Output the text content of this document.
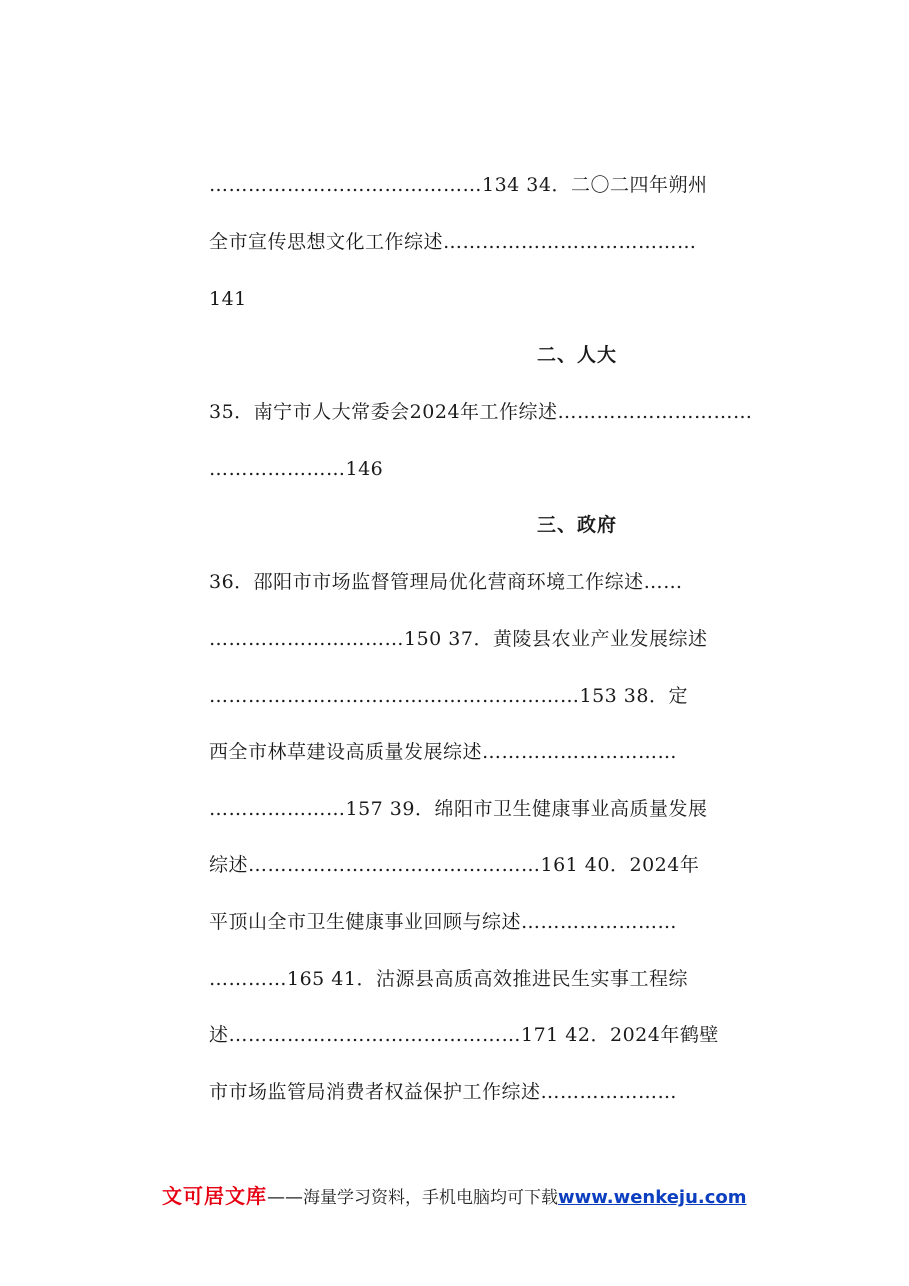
……………………………………134 34．二〇二四年朔州
全市宣传思想文化工作综述…………………………………
141
二、人大
35．南宁市人大常委会2024年工作综述…………………………
…………………146
三、政府
36．邵阳市市场监督管理局优化营商环境工作综述……
…………………………150 37．黄陵县农业产业发展综述
…………………………………………………153 38．定
西全市林草建设高质量发展综述…………………………
…………………157 39．绵阳市卫生健康事业高质量发展
综述………………………………………161 40．2024年
平顶山全市卫生健康事业回顾与综述……………………
…………165 41．沽源县高质高效推进民生实事工程综
述………………………………………171 42．2024年鹤壁
市市场监管局消费者权益保护工作综述…………………
文可居文库——海量学习资料，手机电脑均可下载www.wenkeju.com
